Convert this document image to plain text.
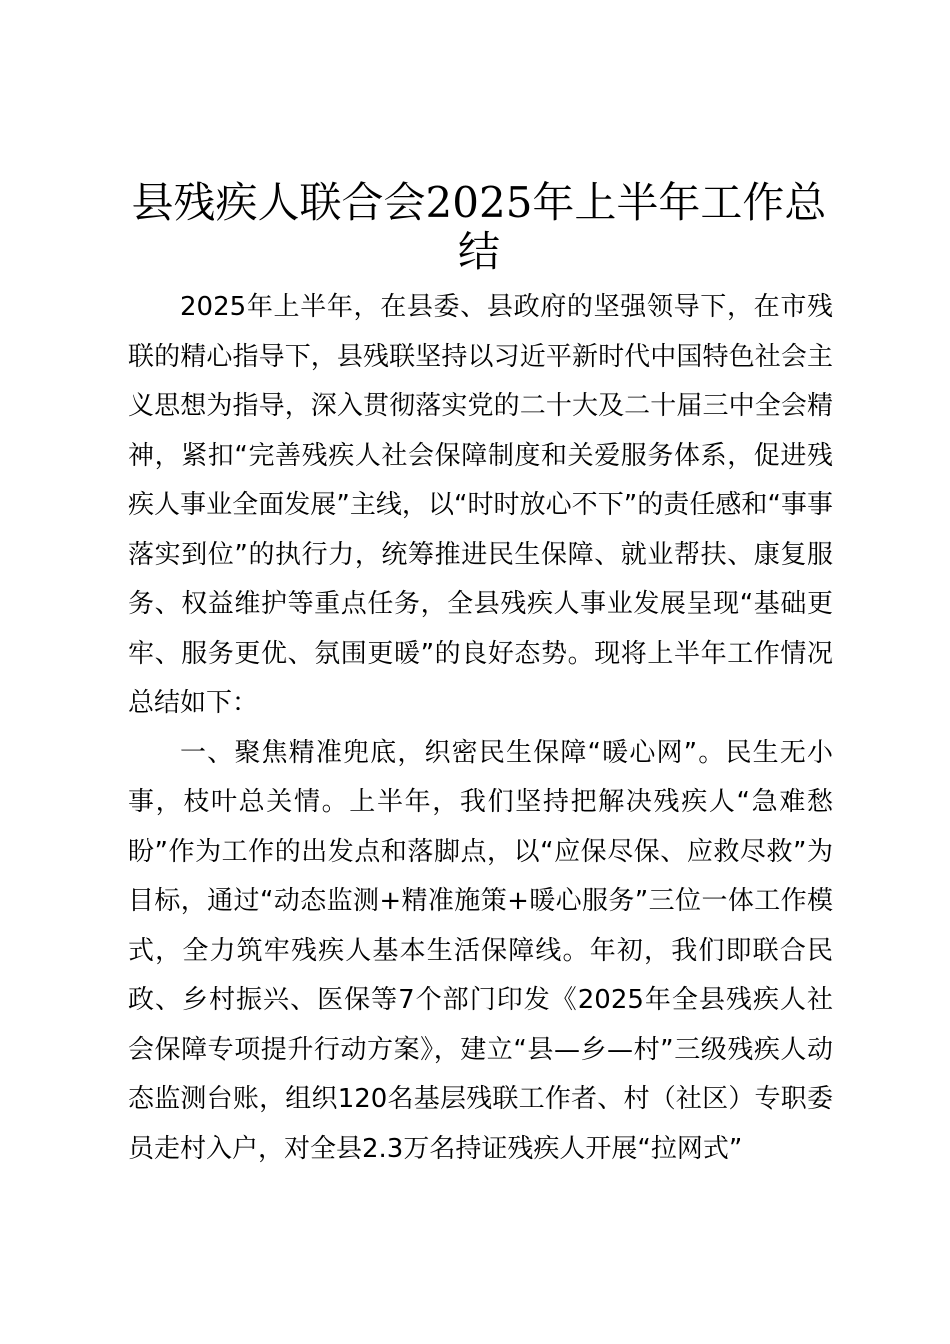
县残疾人联合会2025年上半年工作总结

2025年上半年，在县委、县政府的坚强领导下，在市残联的精心指导下，县残联坚持以习近平新时代中国特色社会主义思想为指导，深入贯彻落实党的二十大及二十届三中全会精神，紧扣“完善残疾人社会保障制度和关爱服务体系，促进残疾人事业全面发展”主线，以“时时放心不下”的责任感和“事事落实到位”的执行力，统筹推进民生保障、就业帮扶、康复服务、权益维护等重点任务，全县残疾人事业发展呈现“基础更牢、服务更优、氛围更暖”的良好态势。现将上半年工作情况总结如下：

一、聚焦精准兜底，织密民生保障“暖心网”。民生无小事，枝叶总关情。上半年，我们坚持把解决残疾人“急难愁盼”作为工作的出发点和落脚点，以“应保尽保、应救尽救”为目标，通过“动态监测+精准施策+暖心服务”三位一体工作模式，全力筑牢残疾人基本生活保障线。年初，我们即联合民政、乡村振兴、医保等7个部门印发《2025年全县残疾人社会保障专项提升行动方案》，建立“县—乡—村”三级残疾人动态监测台账，组织120名基层残联工作者、村（社区）专职委员走村入户，对全县2.3万名持证残疾人开展“拉网式”
